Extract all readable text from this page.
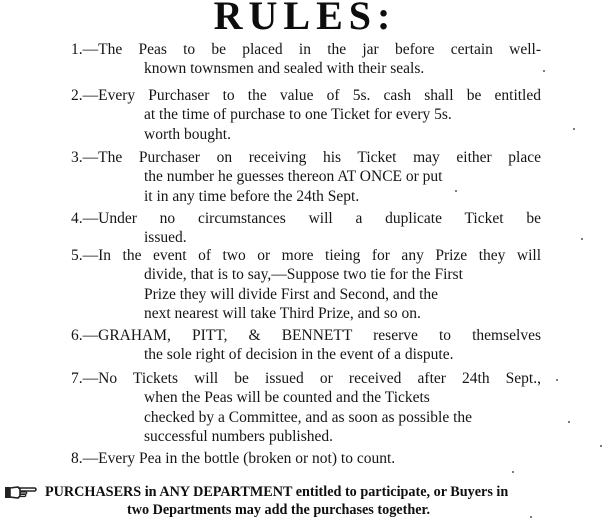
RULES:
1.—The Peas to be placed in the jar before certain well-
known townsmen and sealed with their seals.
2.—Every Purchaser to the value of 5s. cash shall be entitled
at the time of purchase to one Ticket for every 5s.
worth bought.
3.—The Purchaser on receiving his Ticket may either place
the number he guesses thereon AT ONCE or put
it in any time before the 24th Sept.
4.—Under no circumstances will a duplicate Ticket be
issued.
5.—In the event of two or more tieing for any Prize they will
divide, that is to say,—Suppose two tie for the First
Prize they will divide First and Second, and the
next nearest will take Third Prize, and so on.
6.—GRAHAM, PITT, & BENNETT reserve to themselves
the sole right of decision in the event of a dispute.
7.—No Tickets will be issued or received after 24th Sept.,
when the Peas will be counted and the Tickets
checked by a Committee, and as soon as possible the
successful numbers published.
8.—Every Pea in the bottle (broken or not) to count.
PURCHASERS in ANY DEPARTMENT entitled to participate, or Buyers in
two Departments may add the purchases together.
